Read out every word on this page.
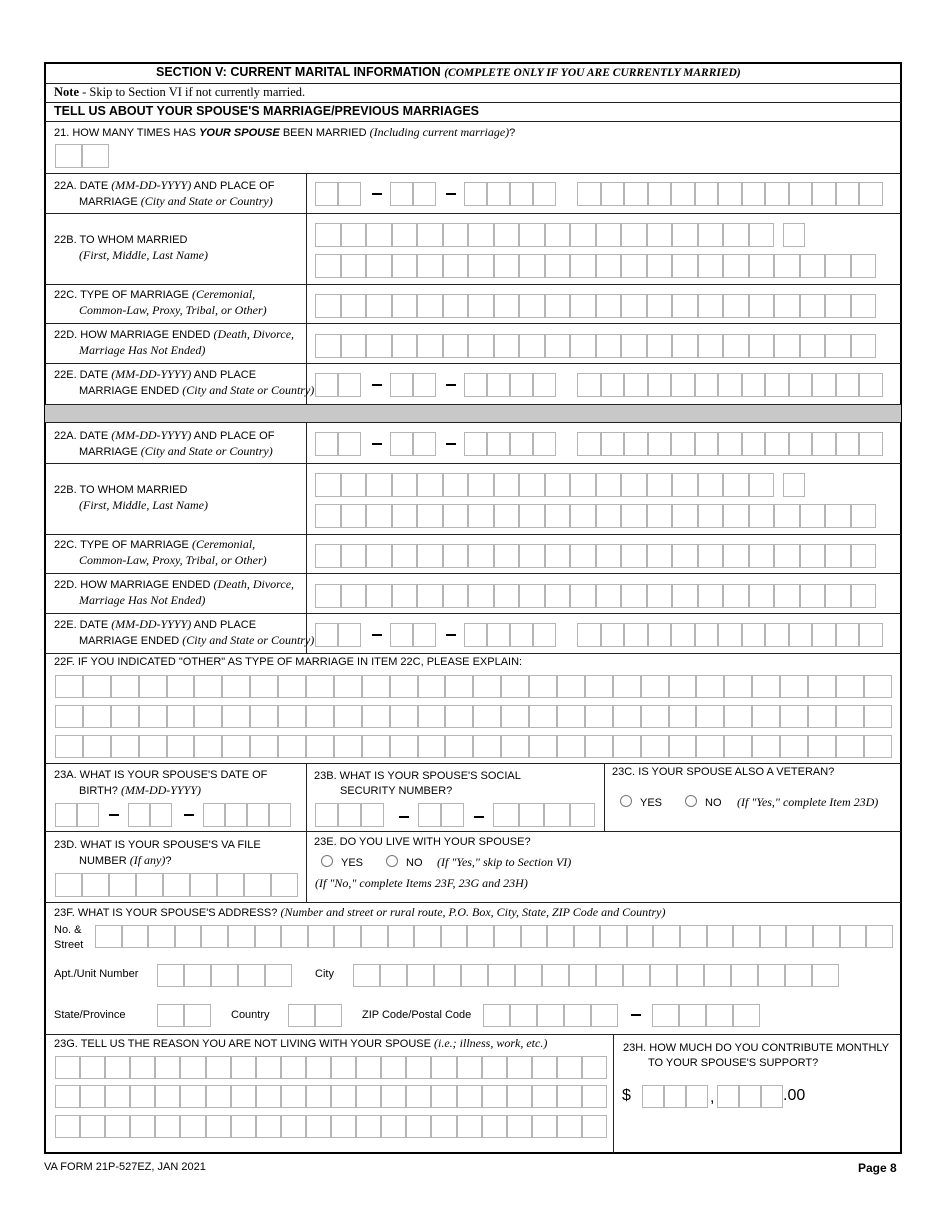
SECTION V: CURRENT MARITAL INFORMATION (COMPLETE ONLY IF YOU ARE CURRENTLY MARRIED)
Note - Skip to Section VI if not currently married.
TELL US ABOUT YOUR SPOUSE'S MARRIAGE/PREVIOUS MARRIAGES
21. HOW MANY TIMES HAS YOUR SPOUSE BEEN MARRIED (Including current marriage)?
22A. DATE (MM-DD-YYYY) AND PLACE OF
MARRIAGE (City and State or Country)
22B. TO WHOM MARRIED
(First, Middle, Last Name)
22C. TYPE OF MARRIAGE (Ceremonial,
Common-Law, Proxy, Tribal, or Other)
22D. HOW MARRIAGE ENDED (Death, Divorce,
Marriage Has Not Ended)
22E. DATE (MM-DD-YYYY) AND PLACE
MARRIAGE ENDED (City and State or Country)
22A. DATE (MM-DD-YYYY) AND PLACE OF
MARRIAGE (City and State or Country)
22B. TO WHOM MARRIED
(First, Middle, Last Name)
22C. TYPE OF MARRIAGE (Ceremonial,
Common-Law, Proxy, Tribal, or Other)
22D. HOW MARRIAGE ENDED (Death, Divorce,
Marriage Has Not Ended)
22E. DATE (MM-DD-YYYY) AND PLACE
MARRIAGE ENDED (City and State or Country)
22F. IF YOU INDICATED "OTHER" AS TYPE OF MARRIAGE IN ITEM 22C, PLEASE EXPLAIN:
23A. WHAT IS YOUR SPOUSE'S DATE OF
BIRTH? (MM-DD-YYYY)
23B. WHAT IS YOUR SPOUSE'S SOCIAL
SECURITY NUMBER?
23C. IS YOUR SPOUSE ALSO A VETERAN?
YES	NO (If "Yes," complete Item 23D)
23D. WHAT IS YOUR SPOUSE'S VA FILE
NUMBER (If any)?
23E. DO YOU LIVE WITH YOUR SPOUSE?
YES	NO (If "Yes," skip to Section VI)
(If "No," complete Items 23F, 23G and 23H)
23F. WHAT IS YOUR SPOUSE'S ADDRESS? (Number and street or rural route, P.O. Box, City, State, ZIP Code and Country)
No. &
Street
Apt./Unit Number	City
State/Province	Country	ZIP Code/Postal Code
23G. TELL US THE REASON YOU ARE NOT LIVING WITH YOUR SPOUSE (i.e.; illness, work, etc.)	23H. HOW MUCH DO YOU CONTRIBUTE MONTHLY
TO YOUR SPOUSE'S SUPPORT?
$	,	.00
VA FORM 21P-527EZ, JAN 2021	Page 8
